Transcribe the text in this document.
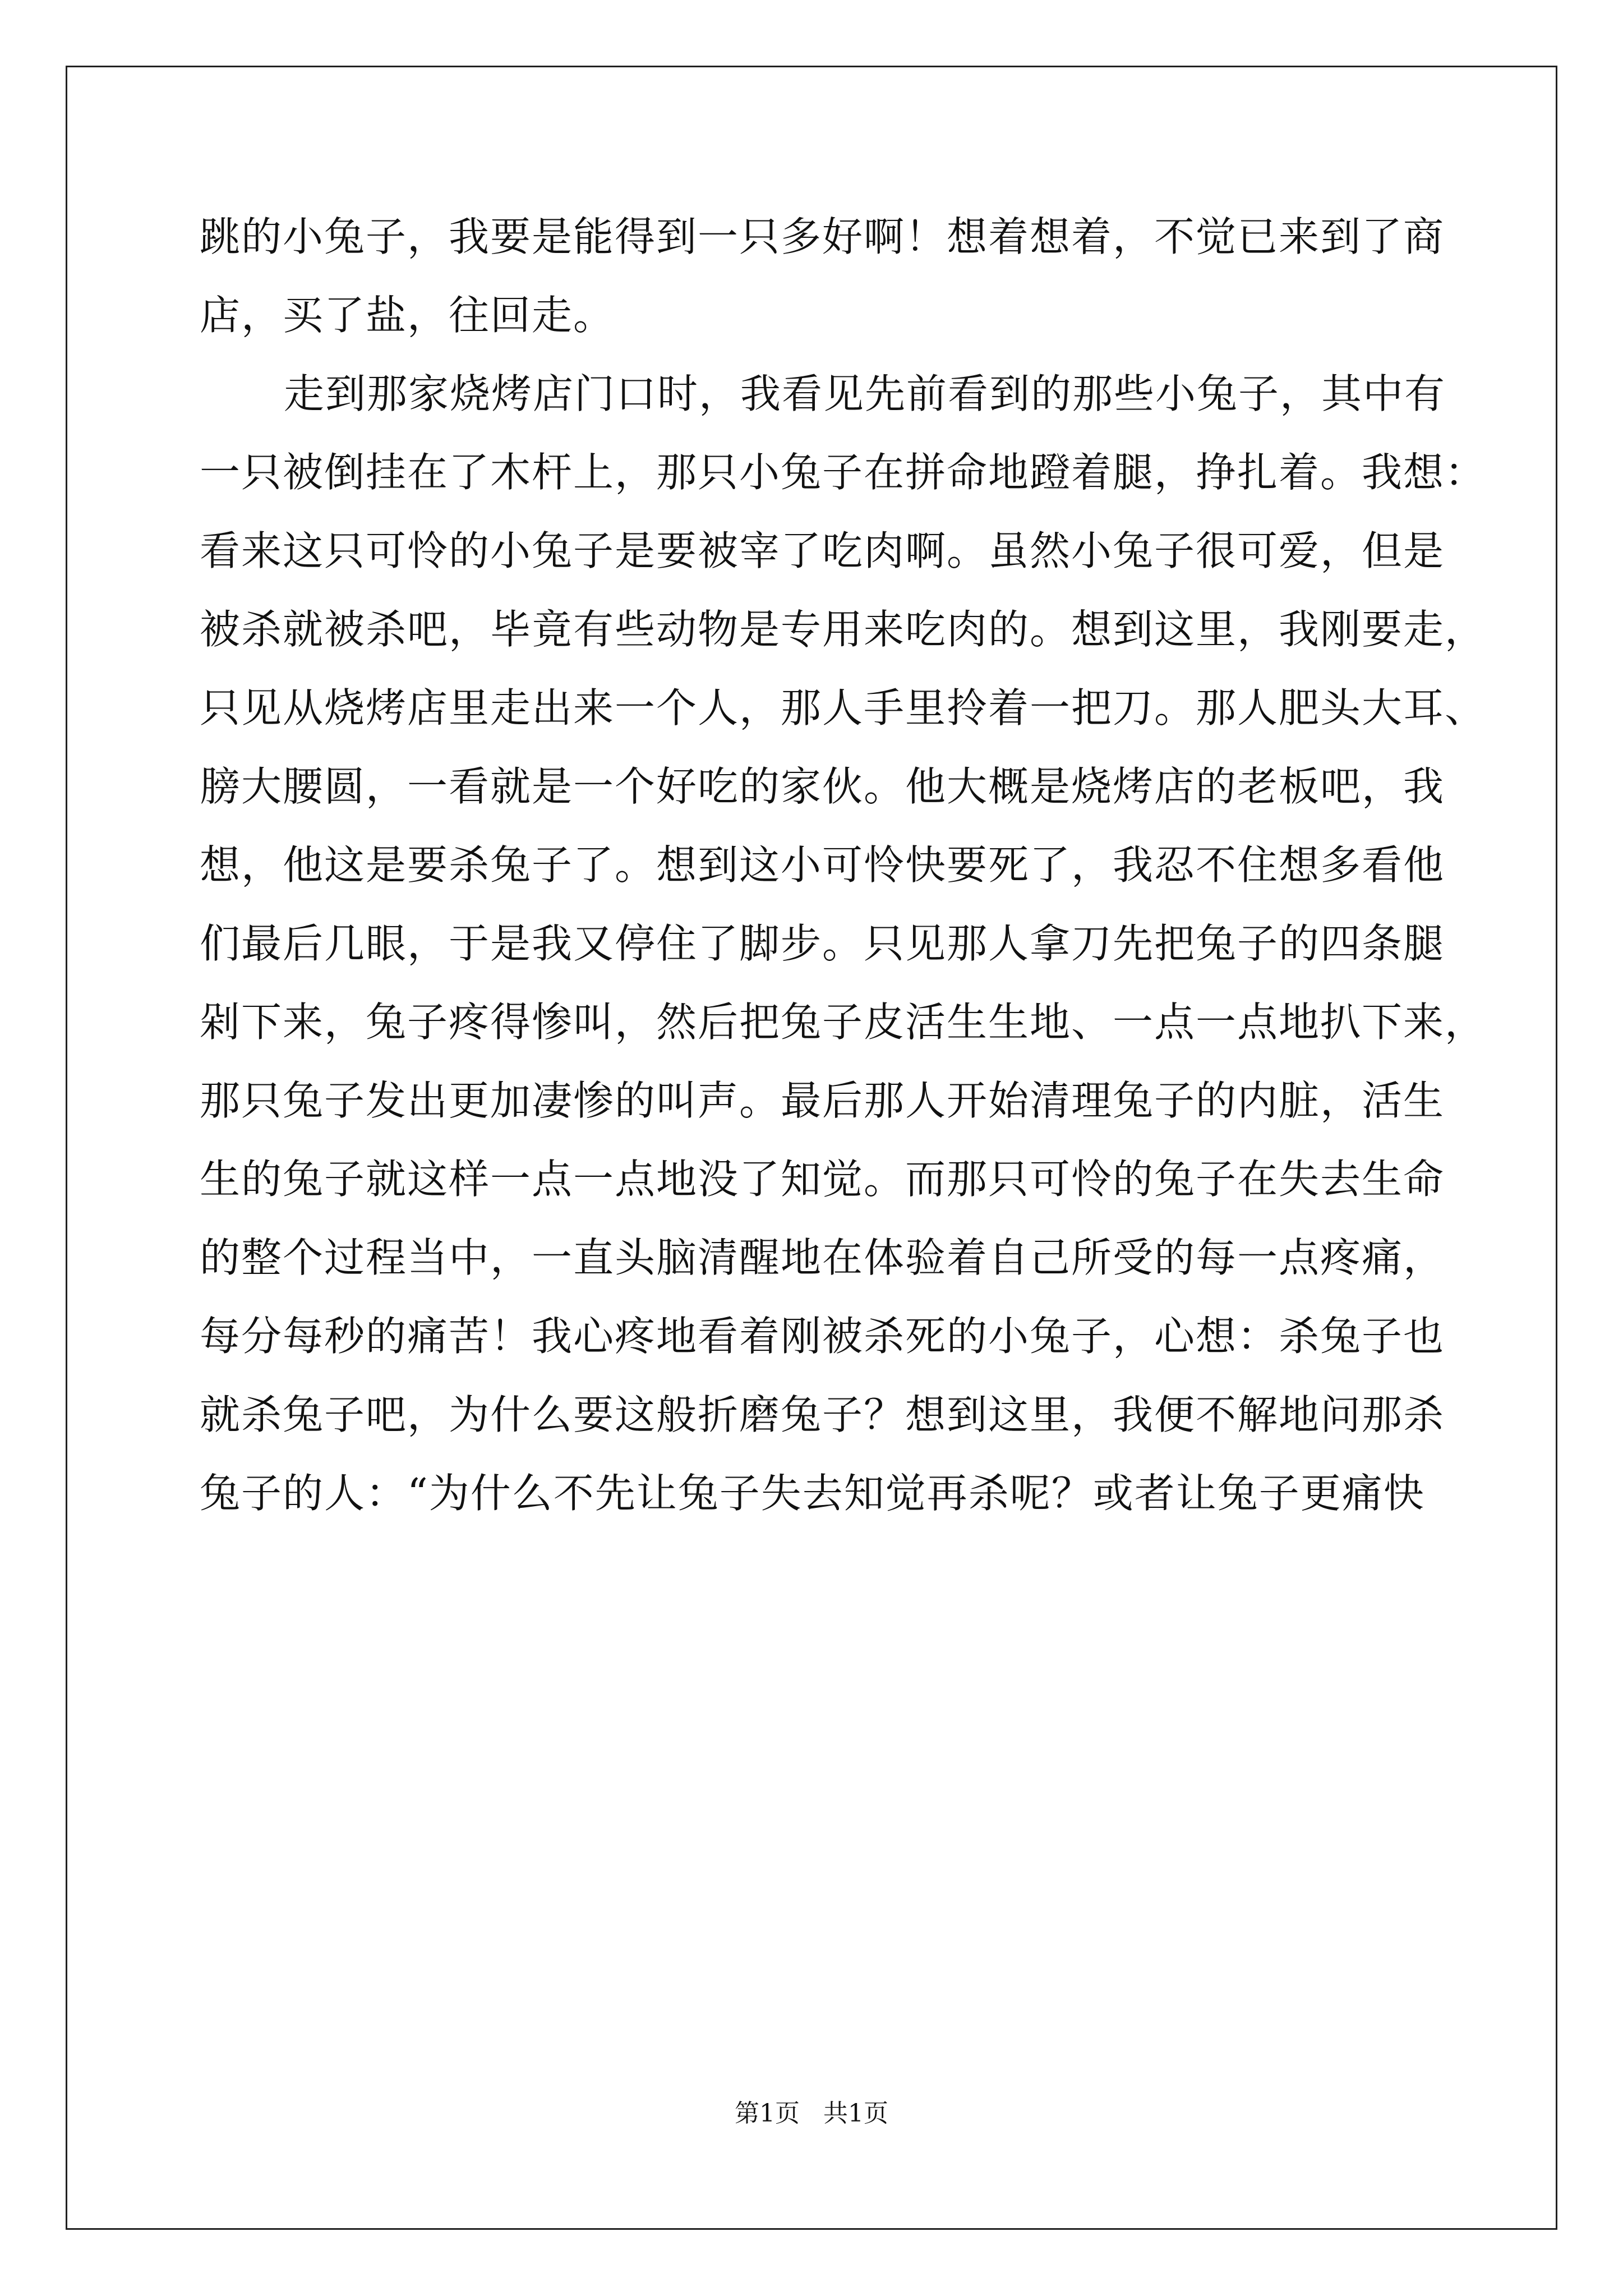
跳的小兔子，我要是能得到一只多好啊！想着想着，不觉已来到了商
店，买了盐，往回走。
走到那家烧烤店门口时，我看见先前看到的那些小兔子，其中有
一只被倒挂在了木杆上，那只小兔子在拼命地蹬着腿，挣扎着。我想：
看来这只可怜的小兔子是要被宰了吃肉啊。虽然小兔子很可爱，但是
被杀就被杀吧，毕竟有些动物是专用来吃肉的。想到这里，我刚要走，
只见从烧烤店里走出来一个人，那人手里拎着一把刀。那人肥头大耳、
膀大腰圆，一看就是一个好吃的家伙。他大概是烧烤店的老板吧，我
想，他这是要杀兔子了。想到这小可怜快要死了，我忍不住想多看他
们最后几眼，于是我又停住了脚步。只见那人拿刀先把兔子的四条腿
剁下来，兔子疼得惨叫，然后把兔子皮活生生地、一点一点地扒下来，
那只兔子发出更加凄惨的叫声。最后那人开始清理兔子的内脏，活生
生的兔子就这样一点一点地没了知觉。而那只可怜的兔子在失去生命
的整个过程当中，一直头脑清醒地在体验着自己所受的每一点疼痛，
每分每秒的痛苦！我心疼地看着刚被杀死的小兔子，心想：杀兔子也
就杀兔子吧，为什么要这般折磨兔子？想到这里，我便不解地问那杀
兔子的人：“为什么不先让兔子失去知觉再杀呢？或者让兔子更痛快
第1页   共1页
